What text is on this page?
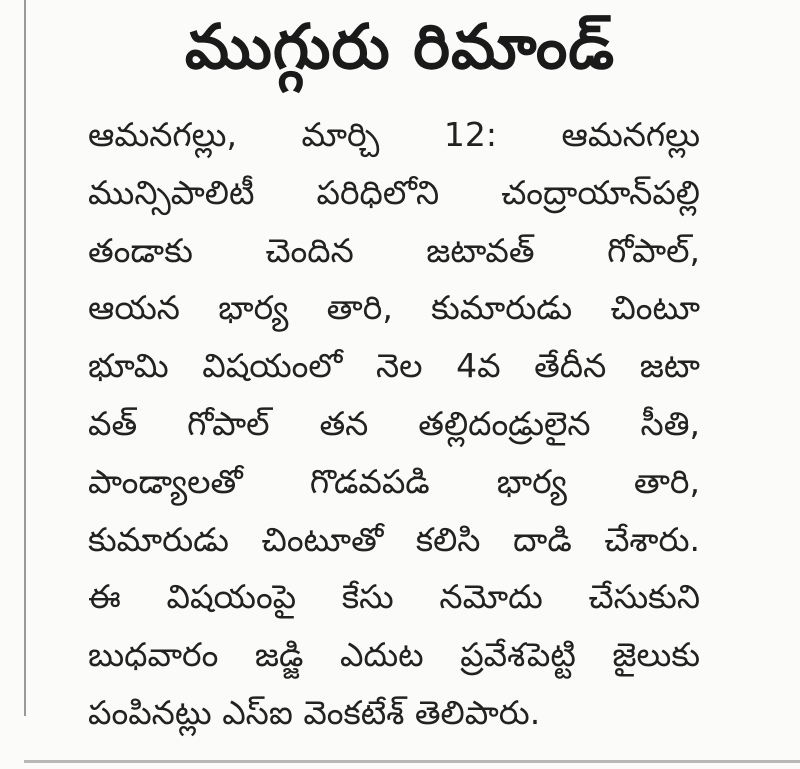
ముగ్గురు రిమాండ్
ఆమనగల్లు, మార్చి 12: ఆమనగల్లు
మున్సిపాలిటీ పరిధిలోని చంద్రాయాన్‌పల్లి
తండాకు చెందిన జటావత్ గోపాల్,
ఆయన భార్య తారి, కుమారుడు చింటూ
భూమి విషయంలో నెల 4వ తేదీన జటా
వత్ గోపాల్ తన తల్లిదండ్రులైన సీతి,
పాండ్యాలతో గొడవపడి భార్య తారి,
కుమారుడు చింటూతో కలిసి దాడి చేశారు.
ఈ విషయంపై కేసు నమోదు చేసుకుని
బుధవారం జడ్జి ఎదుట ప్రవేశపెట్టి జైలుకు
పంపినట్లు ఎస్ఐ వెంకటేశ్ తెలిపారు.
